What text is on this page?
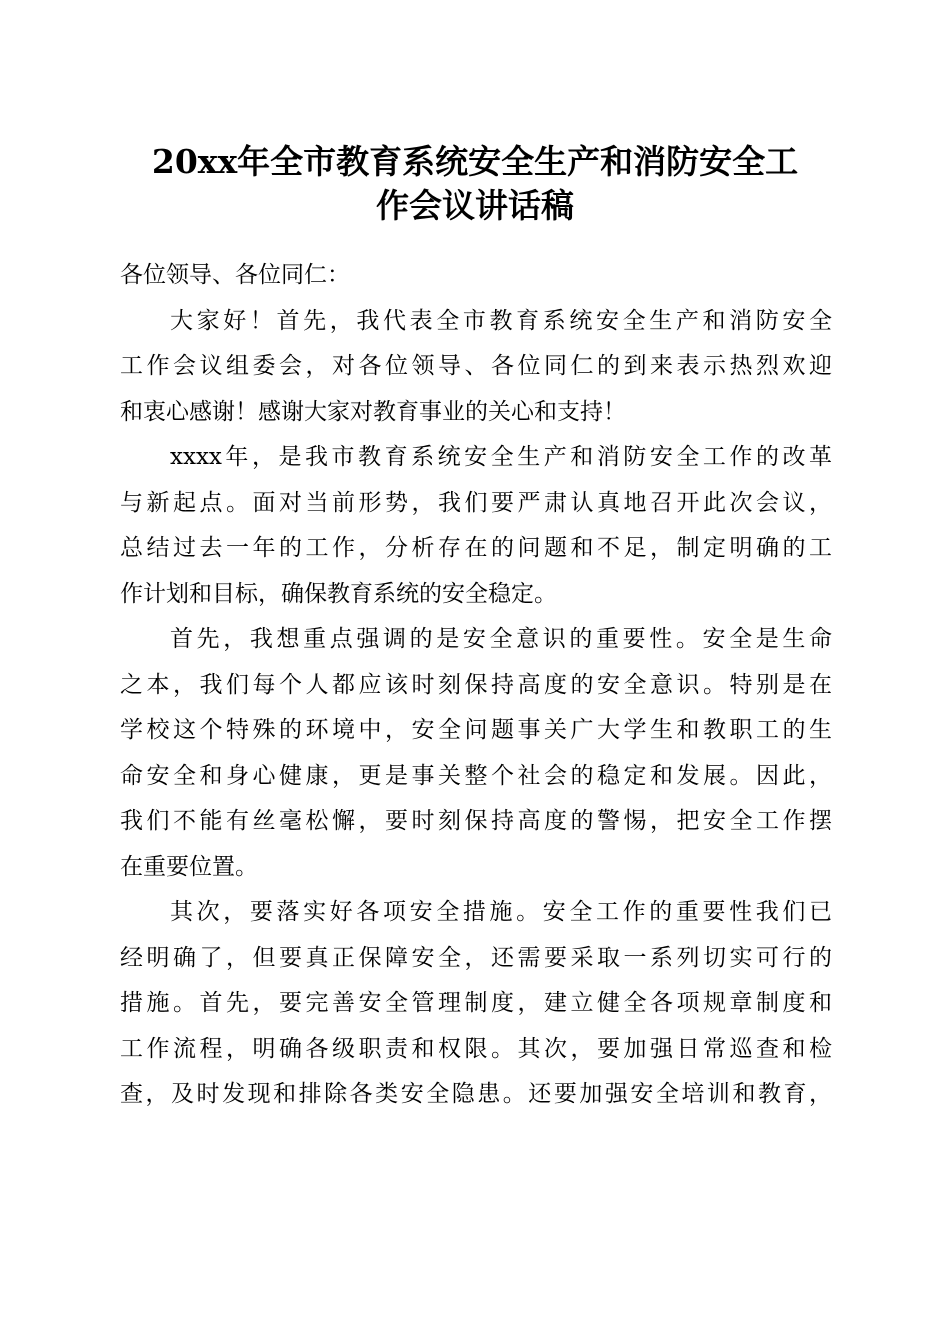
20xx年全市教育系统安全生产和消防安全工
作会议讲话稿
各位领导、各位同仁：
大家好！首先，我代表全市教育系统安全生产和消防安全
工作会议组委会，对各位领导、各位同仁的到来表示热烈欢迎
和衷心感谢！感谢大家对教育事业的关心和支持！
xxxx年，是我市教育系统安全生产和消防安全工作的改革
与新起点。面对当前形势，我们要严肃认真地召开此次会议，
总结过去一年的工作，分析存在的问题和不足，制定明确的工
作计划和目标，确保教育系统的安全稳定。
首先，我想重点强调的是安全意识的重要性。安全是生命
之本，我们每个人都应该时刻保持高度的安全意识。特别是在
学校这个特殊的环境中，安全问题事关广大学生和教职工的生
命安全和身心健康，更是事关整个社会的稳定和发展。因此，
我们不能有丝毫松懈，要时刻保持高度的警惕，把安全工作摆
在重要位置。
其次，要落实好各项安全措施。安全工作的重要性我们已
经明确了，但要真正保障安全，还需要采取一系列切实可行的
措施。首先，要完善安全管理制度，建立健全各项规章制度和
工作流程，明确各级职责和权限。其次，要加强日常巡查和检
查，及时发现和排除各类安全隐患。还要加强安全培训和教育，
